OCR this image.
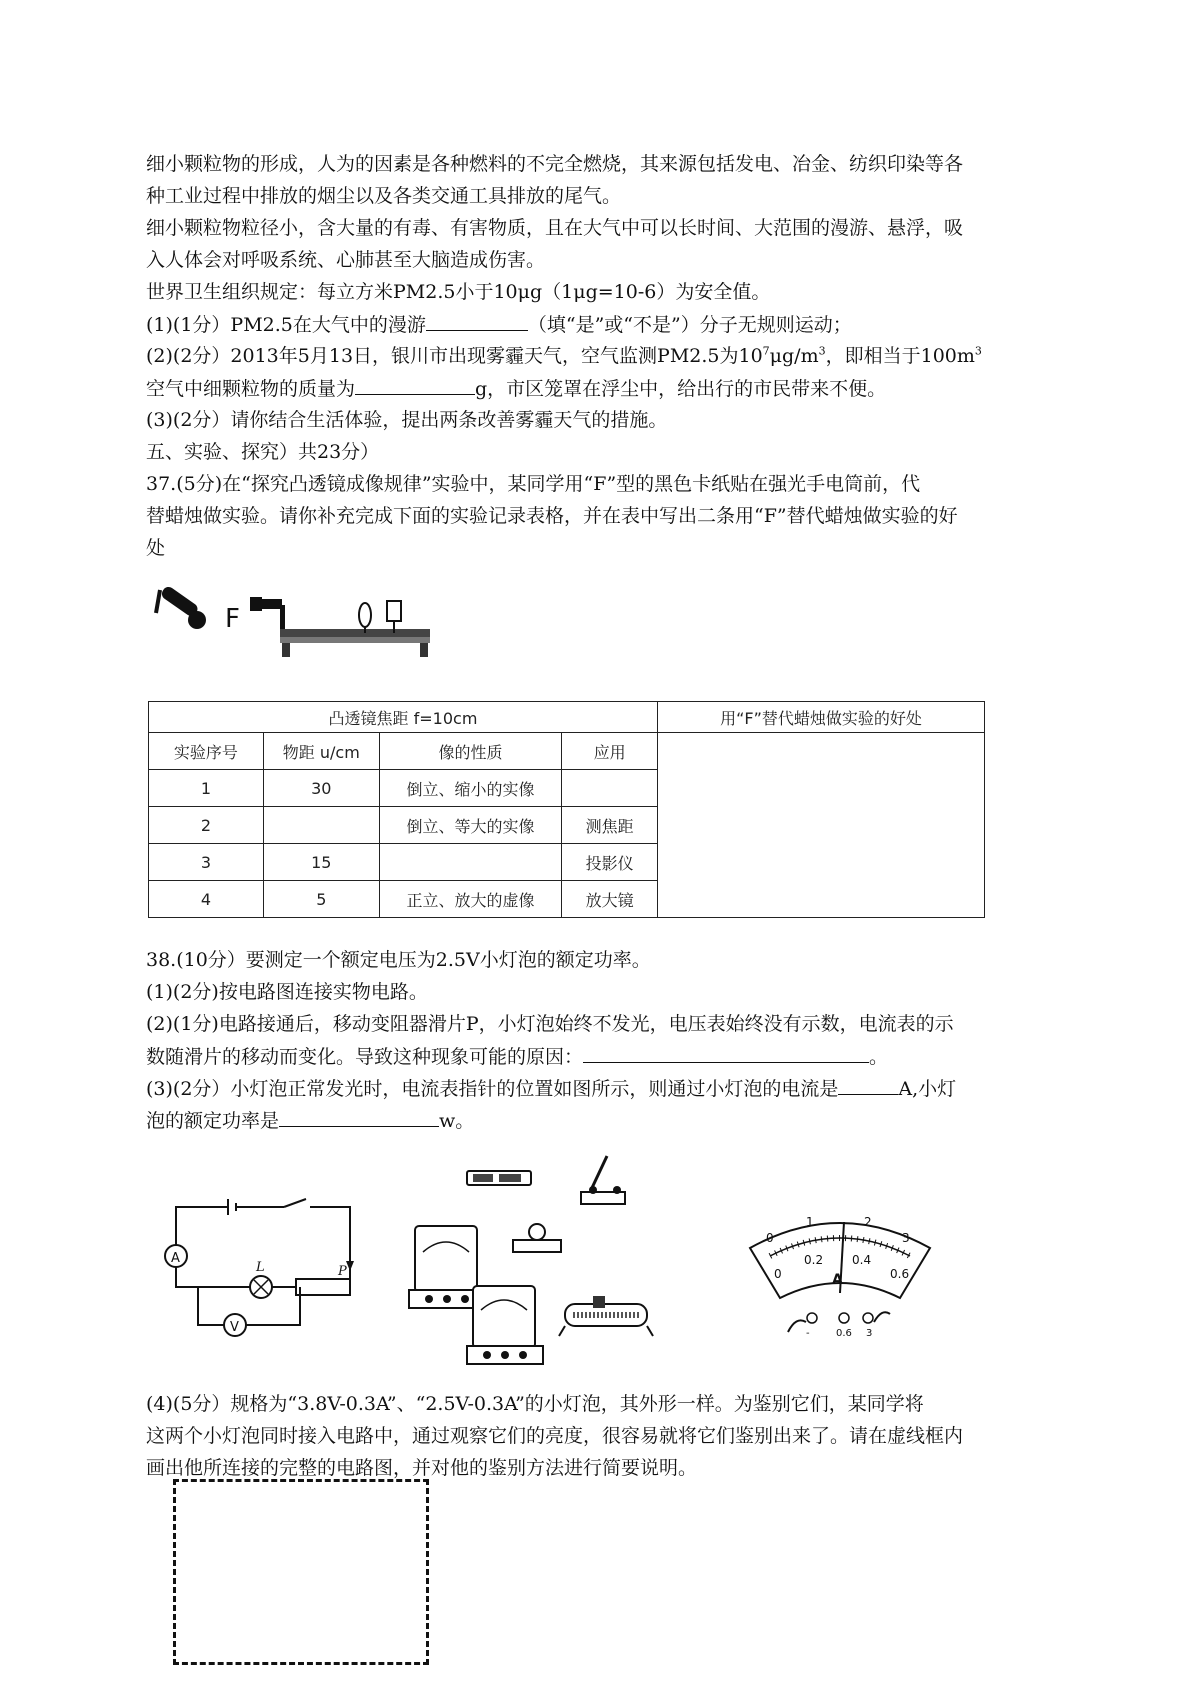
细小颗粒物的形成，人为的因素是各种燃料的不完全燃烧，其来源包括发电、冶金、纺织印染等各
种工业过程中排放的烟尘以及各类交通工具排放的尾气。
细小颗粒物粒径小，含大量的有毒、有害物质，且在大气中可以长时间、大范围的漫游、悬浮，吸
入人体会对呼吸系统、心肺甚至大脑造成伤害。
世界卫生组织规定：每立方米PM2.5小于10μg（1μg=10-6）为安全值。
(1)(1分）PM2.5在大气中的漫游	（填“是”或“不是”）分子无规则运动；
(2)(2分）2013年5月13日，银川市出现雾霾天气，空气监测PM2.5为$10^7\mu g/m^3$，即相当于$100m^3$
空气中细颗粒物的质量为	g，市区笼罩在浮尘中，给出行的市民带来不便。
(3)(2分）请你结合生活体验，提出两条改善雾霾天气的措施。
五、实验、探究）共23分）
37.(5分)在“探究凸透镜成像规律”实验中，某同学用“F”型的黑色卡纸贴在强光手电筒前，代
替蜡烛做实验。请你补充完成下面的实验记录表格，并在表中写出二条用“F”替代蜡烛做实验的好
处
F
凸透镜焦距 f=10cm				用“F”替代蜡烛做实验的好处
实验序号	物距 u/cm	像的性质	应用	
1	30	倒立、缩小的实像		
2		倒立、等大的实像	测焦距	
3	15		投影仪	
4	5	正立、放大的虚像	放大镜	
38.(10分）要测定一个额定电压为2.5V小灯泡的额定功率。
(1)(2分)按电路图连接实物电路。
(2)(1分)电路接通后，移动变阻器滑片P，小灯泡始终不发光，电压表始终没有示数，电流表的示
数随滑片的移动而变化。导致这种现象可能的原因：	。
(3)(2分）小灯泡正常发光时，电流表指针的位置如图所示，则通过小灯泡的电流是	A,小灯
泡的额定功率是	w。
A
L
V
P
0
1	2
3
0
0.2 0.4
0.6
A
-	0.6 3
(4)(5分）规格为“3.8V-0.3A”、“2.5V-0.3A”的小灯泡，其外形一样。为鉴别它们，某同学将
这两个小灯泡同时接入电路中，通过观察它们的亮度，很容易就将它们鉴别出来了。请在虚线框内
画出他所连接的完整的电路图，并对他的鉴别方法进行简要说明。
